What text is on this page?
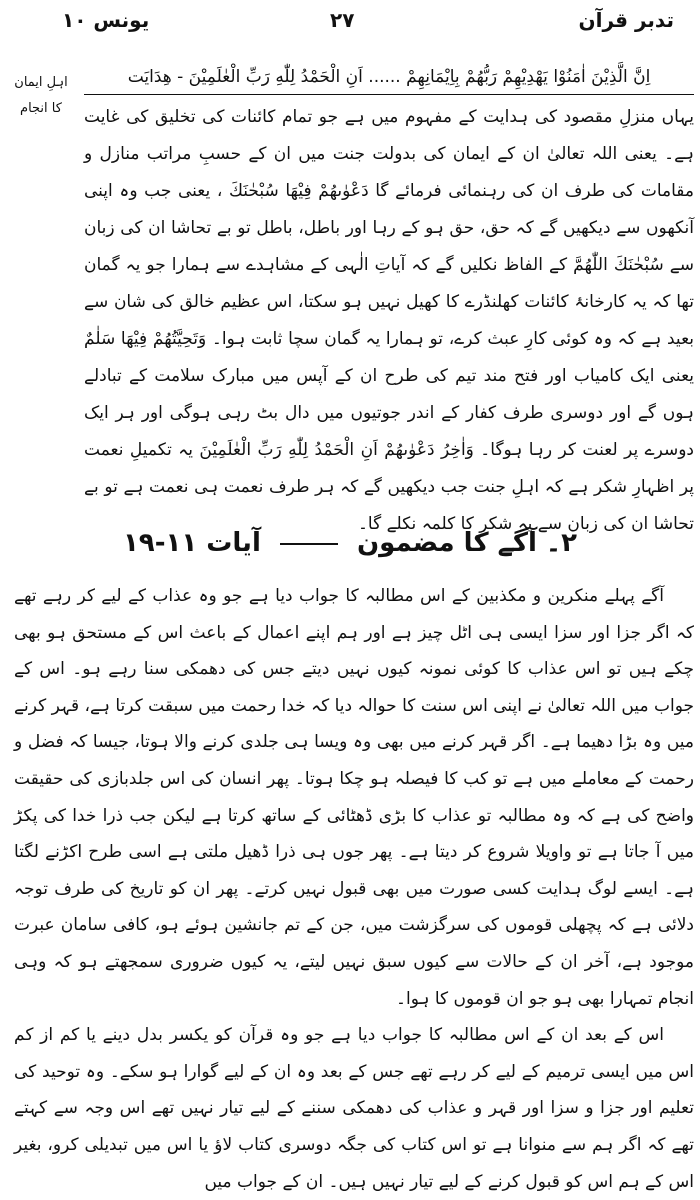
یونس ۱۰	۲۷	تدبر قرآن
اہلِ ایمان
کا انجام
اِنَّ الَّذِيْنَ اٰمَنُوْا يَهْدِيْهِمْ رَبُّهُمْ بِاِيْمَانِهِمْ ...... اَنِ الْحَمْدُ لِلّٰهِ رَبِّ الْعٰلَمِيْنَ - هِدَايَت
یہاں منزلِ مقصود کی ہدایت کے مفہوم میں ہے جو تمام کائنات کی تخلیق کی غایت ہے۔ یعنی اللہ تعالیٰ ان کے ایمان کی بدولت جنت میں ان کے حسبِ مراتب منازل و مقامات کی طرف ان کی رہنمائی فرمائے گا دَعْوٰىهُمْ فِيْهَا سُبْحٰنَكَ ، یعنی جب وہ اپنی آنکھوں سے دیکھیں گے کہ حق، حق ہو کے رہا اور باطل، باطل تو بے تحاشا ان کی زبان سے سُبْحٰنَكَ اللّٰهُمَّ کے الفاظ نکلیں گے کہ آیاتِ الٰہی کے مشاہدے سے ہمارا جو یہ گمان تھا کہ یہ کارخانۂ کائنات کھلنڈرے کا کھیل نہیں ہو سکتا، اس عظیم خالق کی شان سے بعید ہے کہ وہ کوئی کارِ عبث کرے، تو ہمارا یہ گمان سچا ثابت ہوا۔ وَتَحِيَّتُهُمْ فِيْهَا سَلٰمٌ یعنی ایک کامیاب اور فتح مند تیم کی طرح ان کے آپس میں مبارک سلامت کے تبادلے ہوں گے اور دوسری طرف کفار کے اندر جوتیوں میں دال بٹ رہی ہوگی اور ہر ایک دوسرے پر لعنت کر رہا ہوگا۔ وَاٰخِرُ دَعْوٰىهُمْ اَنِ الْحَمْدُ لِلّٰهِ رَبِّ الْعٰلَمِيْنَ یہ تکمیلِ نعمت پر اظہارِ شکر ہے کہ اہلِ جنت جب دیکھیں گے کہ ہر طرف نعمت ہی نعمت ہے تو بے تحاشا ان کی زبان سے یہ شکر کا کلمہ نکلے گا۔
۲۔ آگے کا مضمون  آیات ۱۱-۱۹

آگے پہلے منکرین و مکذبین کے اس مطالبہ کا جواب دیا ہے جو وہ عذاب کے لیے کر رہے تھے کہ اگر جزا اور سزا ایسی ہی اٹل چیز ہے اور ہم اپنے اعمال کے باعث اس کے مستحق ہو بھی چکے ہیں تو اس عذاب کا کوئی نمونہ کیوں نہیں دیتے جس کی دھمکی سنا رہے ہو۔ اس کے جواب میں اللہ تعالیٰ نے اپنی اس سنت کا حوالہ دیا کہ خدا رحمت میں سبقت کرتا ہے، قہر کرنے میں وہ بڑا دھیما ہے۔ اگر قہر کرنے میں بھی وہ ویسا ہی جلدی کرنے والا ہوتا، جیسا کہ فضل و رحمت کے معاملے میں ہے تو کب کا فیصلہ ہو چکا ہوتا۔ پھر انسان کی اس جلدبازی کی حقیقت واضح کی ہے کہ وہ مطالبہ تو عذاب کا بڑی ڈھٹائی کے ساتھ کرتا ہے لیکن جب ذرا خدا کی پکڑ میں آ جاتا ہے تو واویلا شروع کر دیتا ہے۔ پھر جوں ہی ذرا ڈھیل ملتی ہے اسی طرح اکڑنے لگتا ہے۔ ایسے لوگ ہدایت کسی صورت میں بھی قبول نہیں کرتے۔ پھر ان کو تاریخ کی طرف توجہ دلائی ہے کہ پچھلی قوموں کی سرگزشت میں، جن کے تم جانشین ہوئے ہو، کافی سامان عبرت موجود ہے، آخر ان کے حالات سے کیوں سبق نہیں لیتے، یہ کیوں ضروری سمجھتے ہو کہ وہی انجام تمہارا بھی ہو جو ان قوموں کا ہوا۔

اس کے بعد ان کے اس مطالبہ کا جواب دیا ہے جو وہ قرآن کو یکسر بدل دینے یا کم از کم اس میں ایسی ترمیم کے لیے کر رہے تھے جس کے بعد وہ ان کے لیے گوارا ہو سکے۔ وہ توحید کی تعلیم اور جزا و سزا اور قہر و عذاب کی دھمکی سننے کے لیے تیار نہیں تھے اس وجہ سے کہتے تھے کہ اگر ہم سے منوانا ہے تو اس کتاب کی جگہ دوسری کتاب لاؤ یا اس میں تبدیلی کرو، بغیر اس کے ہم اس کو قبول کرنے کے لیے تیار نہیں ہیں۔ ان کے جواب میں
